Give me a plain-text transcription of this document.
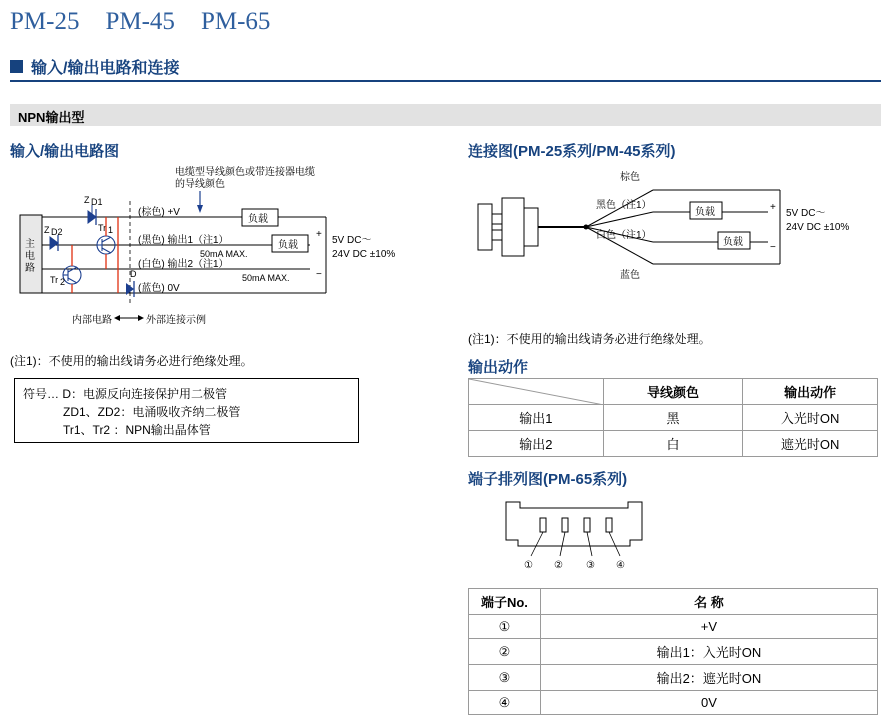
PM-25 PM-45 PM-65
输入/输出电路和连接
NPN输出型
输入/输出电路图
电缆型导线颜色或带连接器电缆
的导线颜色
主
电
路
Z D1
Z D2	Tr 1
Tr 2
D
(棕色) +V
(黑色) 输出1（注1）
(白色) 输出2（注1）
(蓝色) 0V
负载
负载
50mA MAX.
50mA MAX.
+
−
5V DC～
24V DC ±10%
内部电路	外部连接示例
(注1)：不使用的输出线请务必进行绝缘处理。
符号… D：电源反向连接保护用二极管
ZD1、ZD2：电涌吸收齐纳二极管
Tr1、Tr2 ：NPN输出晶体管
连接图(PM-25系列/PM-45系列)
棕色
黑色（注1）
白色（注1）
蓝色
负载
负载
+
−
5V DC～
24V DC ±10%
(注1)：不使用的输出线请务必进行绝缘处理。
输出动作
	导线颜色	输出动作
输出1	黑	入光时ON
输出2	白	遮光时ON
端子排列图(PM-65系列)
① ② ③ ④
端子No.	名 称
①	+V
②	输出1：入光时ON
③	输出2：遮光时ON
④	0V
